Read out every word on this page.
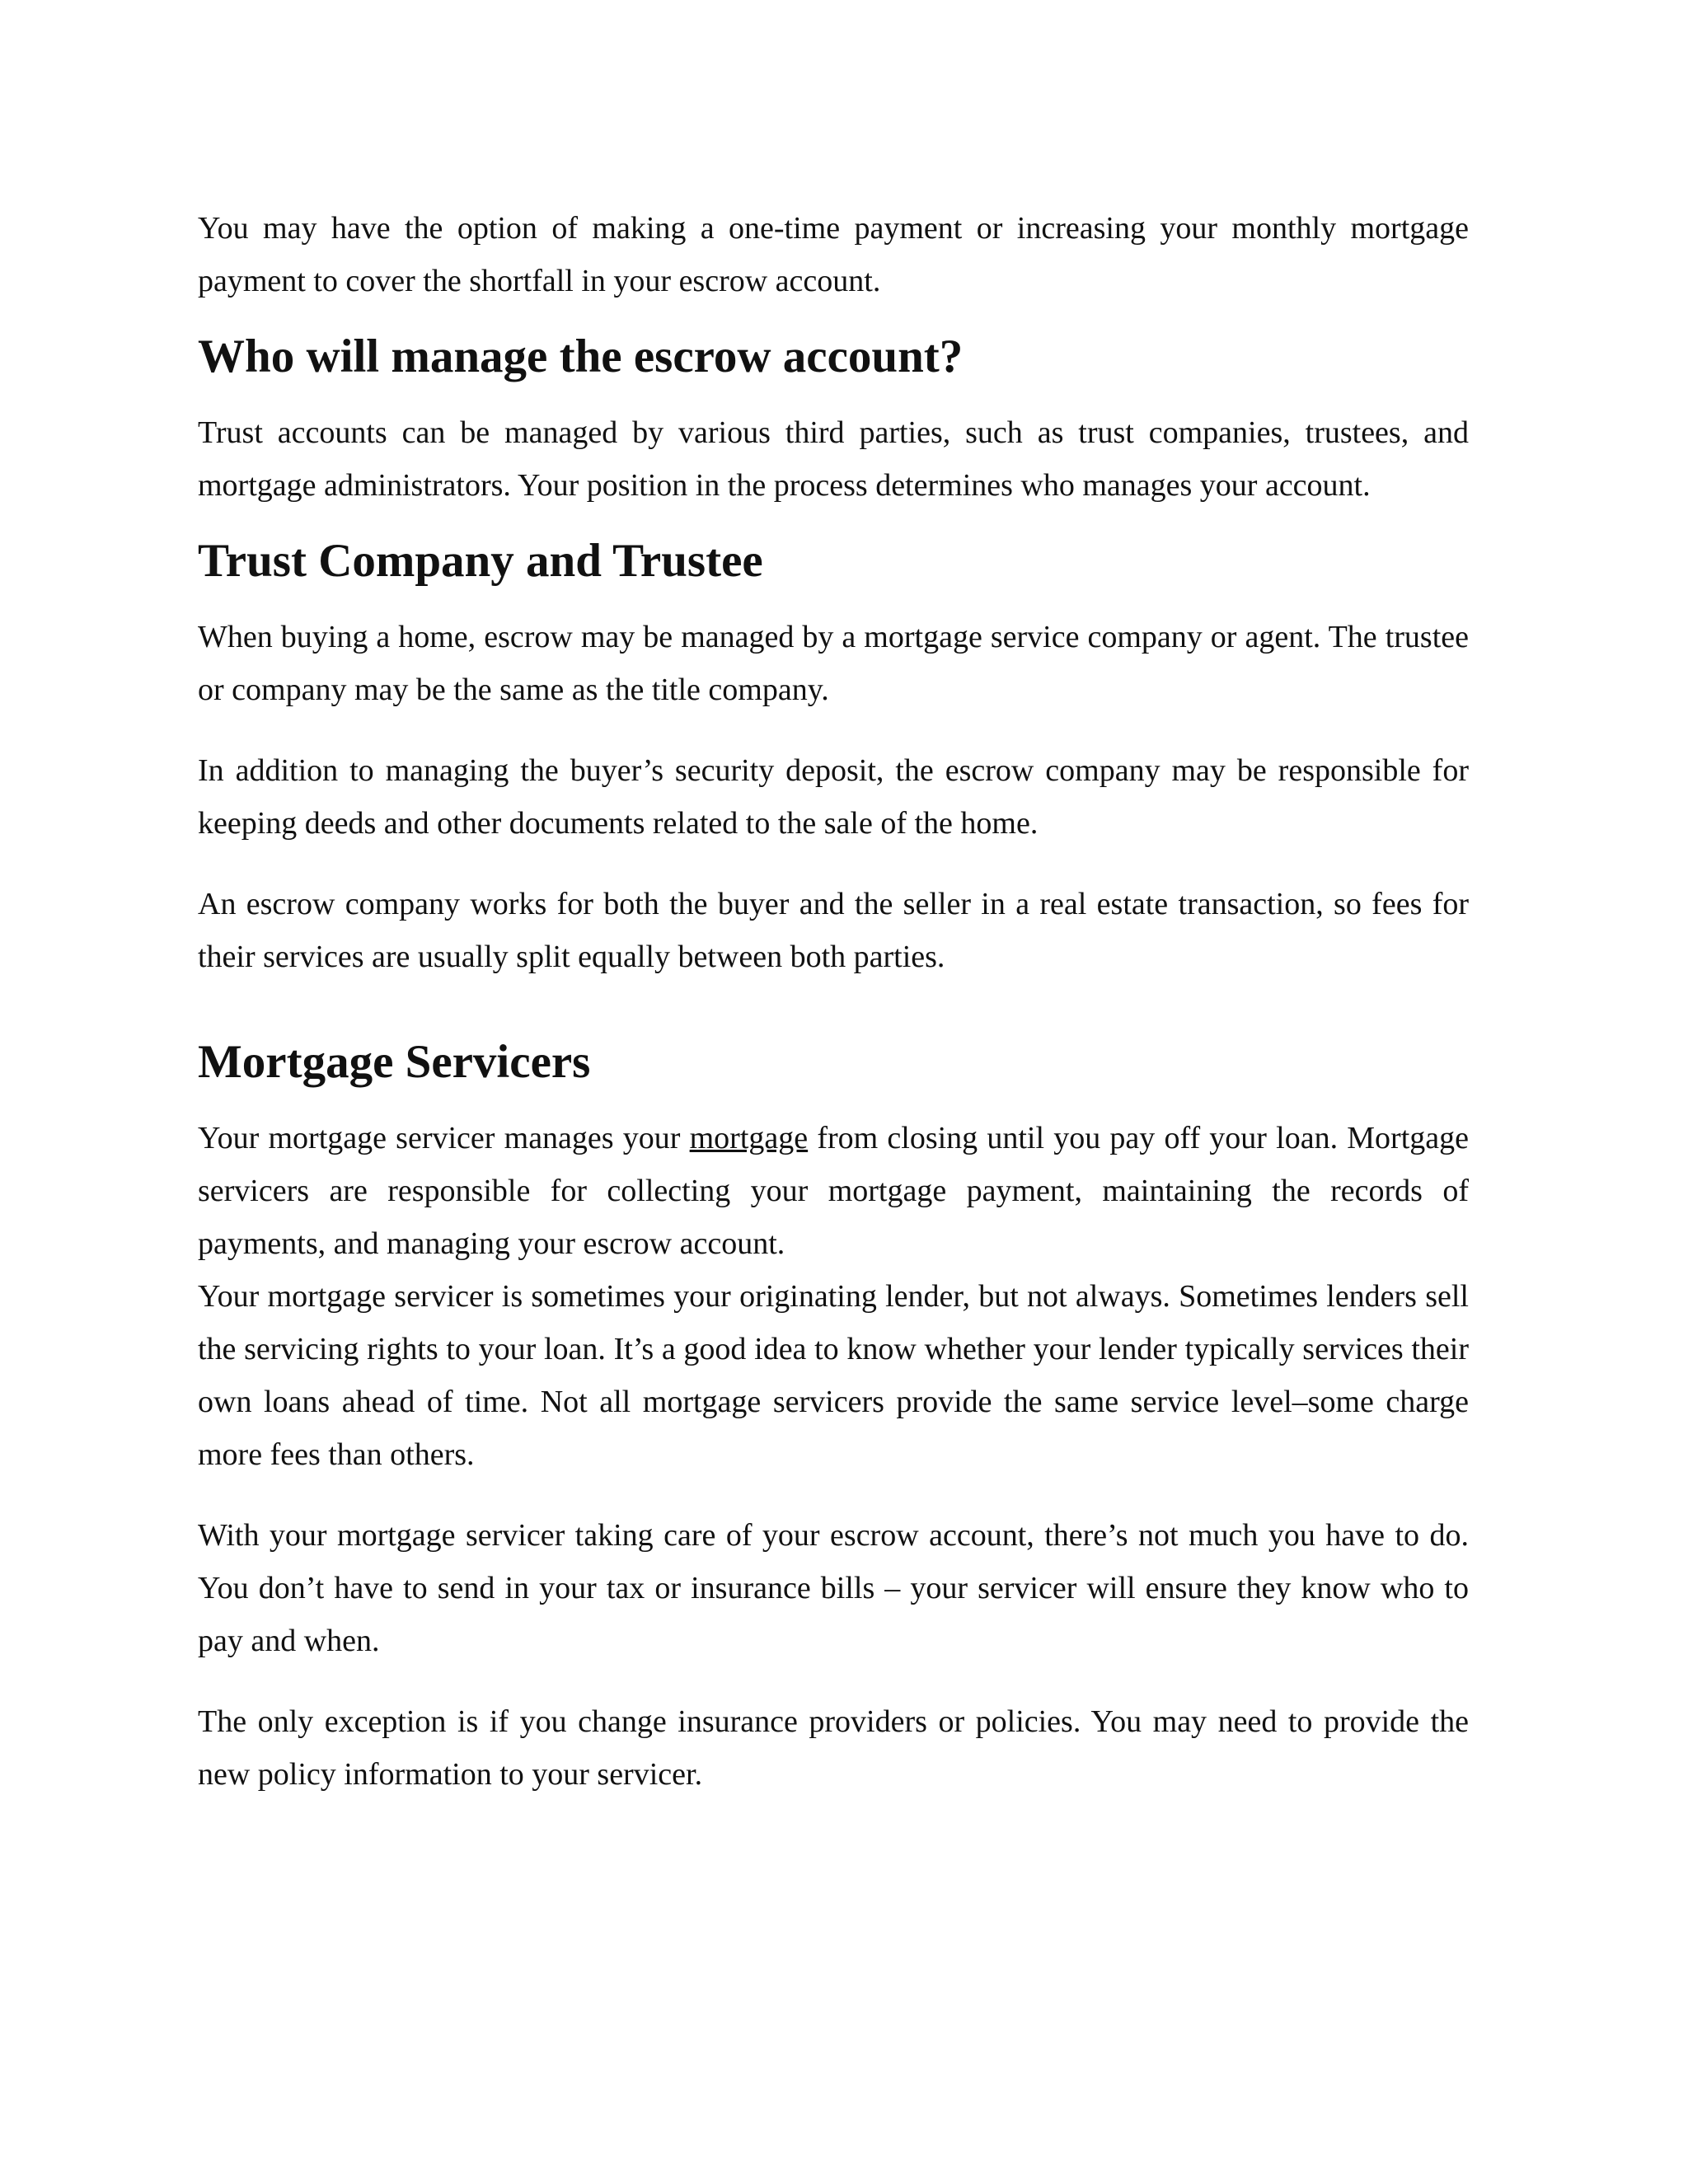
You may have the option of making a one-time payment or increasing your monthly mortgage payment to cover the shortfall in your escrow account.

Who will manage the escrow account?

Trust accounts can be managed by various third parties, such as trust companies, trustees, and mortgage administrators. Your position in the process determines who manages your account.

Trust Company and Trustee

When buying a home, escrow may be managed by a mortgage service company or agent. The trustee or company may be the same as the title company.

In addition to managing the buyer’s security deposit, the escrow company may be responsible for keeping deeds and other documents related to the sale of the home.

An escrow company works for both the buyer and the seller in a real estate transaction, so fees for their services are usually split equally between both parties.

Mortgage Servicers

Your mortgage servicer manages your mortgage from closing until you pay off your loan. Mortgage servicers are responsible for collecting your mortgage payment, maintaining the records of payments, and managing your escrow account.

Your mortgage servicer is sometimes your originating lender, but not always. Sometimes lenders sell the servicing rights to your loan. It’s a good idea to know whether your lender typically services their own loans ahead of time. Not all mortgage servicers provide the same service level–some charge more fees than others.

With your mortgage servicer taking care of your escrow account, there’s not much you have to do. You don’t have to send in your tax or insurance bills – your servicer will ensure they know who to pay and when.

The only exception is if you change insurance providers or policies. You may need to provide the new policy information to your servicer.
